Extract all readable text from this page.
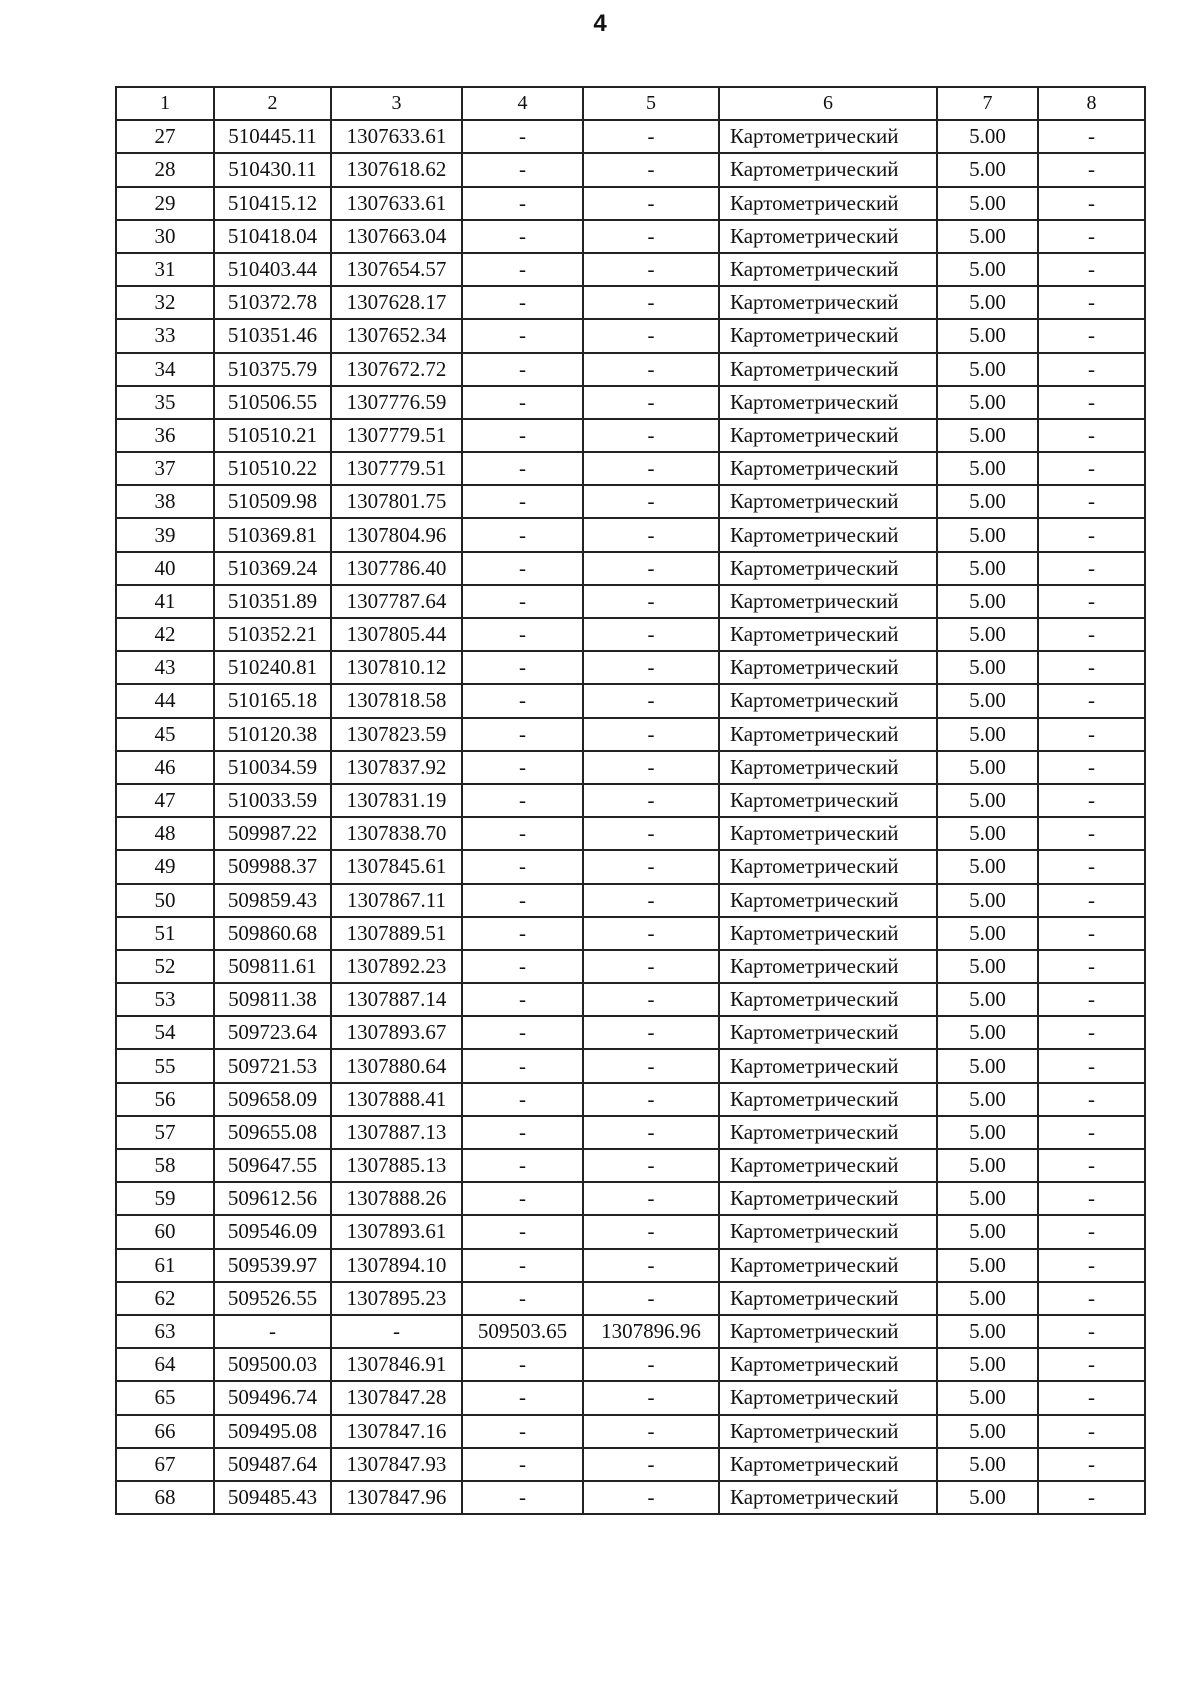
4
1	2	3	4	5	6	7	8
27	510445.11	1307633.61	-	-	Картометрический	5.00	-
28	510430.11	1307618.62	-	-	Картометрический	5.00	-
29	510415.12	1307633.61	-	-	Картометрический	5.00	-
30	510418.04	1307663.04	-	-	Картометрический	5.00	-
31	510403.44	1307654.57	-	-	Картометрический	5.00	-
32	510372.78	1307628.17	-	-	Картометрический	5.00	-
33	510351.46	1307652.34	-	-	Картометрический	5.00	-
34	510375.79	1307672.72	-	-	Картометрический	5.00	-
35	510506.55	1307776.59	-	-	Картометрический	5.00	-
36	510510.21	1307779.51	-	-	Картометрический	5.00	-
37	510510.22	1307779.51	-	-	Картометрический	5.00	-
38	510509.98	1307801.75	-	-	Картометрический	5.00	-
39	510369.81	1307804.96	-	-	Картометрический	5.00	-
40	510369.24	1307786.40	-	-	Картометрический	5.00	-
41	510351.89	1307787.64	-	-	Картометрический	5.00	-
42	510352.21	1307805.44	-	-	Картометрический	5.00	-
43	510240.81	1307810.12	-	-	Картометрический	5.00	-
44	510165.18	1307818.58	-	-	Картометрический	5.00	-
45	510120.38	1307823.59	-	-	Картометрический	5.00	-
46	510034.59	1307837.92	-	-	Картометрический	5.00	-
47	510033.59	1307831.19	-	-	Картометрический	5.00	-
48	509987.22	1307838.70	-	-	Картометрический	5.00	-
49	509988.37	1307845.61	-	-	Картометрический	5.00	-
50	509859.43	1307867.11	-	-	Картометрический	5.00	-
51	509860.68	1307889.51	-	-	Картометрический	5.00	-
52	509811.61	1307892.23	-	-	Картометрический	5.00	-
53	509811.38	1307887.14	-	-	Картометрический	5.00	-
54	509723.64	1307893.67	-	-	Картометрический	5.00	-
55	509721.53	1307880.64	-	-	Картометрический	5.00	-
56	509658.09	1307888.41	-	-	Картометрический	5.00	-
57	509655.08	1307887.13	-	-	Картометрический	5.00	-
58	509647.55	1307885.13	-	-	Картометрический	5.00	-
59	509612.56	1307888.26	-	-	Картометрический	5.00	-
60	509546.09	1307893.61	-	-	Картометрический	5.00	-
61	509539.97	1307894.10	-	-	Картометрический	5.00	-
62	509526.55	1307895.23	-	-	Картометрический	5.00	-
63	-	-	509503.65	1307896.96	Картометрический	5.00	-
64	509500.03	1307846.91	-	-	Картометрический	5.00	-
65	509496.74	1307847.28	-	-	Картометрический	5.00	-
66	509495.08	1307847.16	-	-	Картометрический	5.00	-
67	509487.64	1307847.93	-	-	Картометрический	5.00	-
68	509485.43	1307847.96	-	-	Картометрический	5.00	-
